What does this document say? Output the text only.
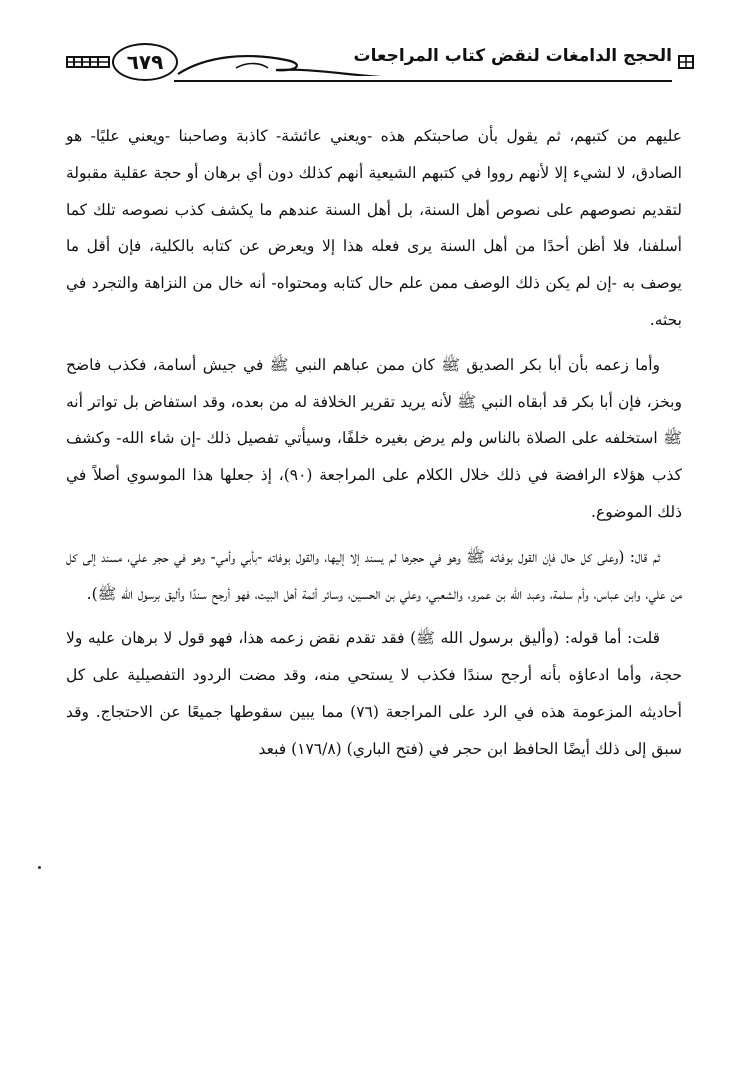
٦٧٩	الحجج الدامغات لنقض كتاب المراجعات

عليهم من كتبهم، ثم يقول بأن صاحبتكم هذه -ويعني عائشة- كاذبة وصاحبنا -ويعني عليًا- هو الصادق، لا لشيء إلا لأنهم رووا في كتبهم الشيعية أنهم كذلك دون أي برهان أو حجة عقلية مقبولة لتقديم نصوصهم على نصوص أهل السنة، بل أهل السنة عندهم ما يكشف كذب نصوصه تلك كما أسلفنا، فلا أظن أحدًا من أهل السنة يرى فعله هذا إلا ويعرض عن كتابه بالكلية، فإن أقل ما يوصف به -إن لم يكن ذلك الوصف ممن علم حال كتابه ومحتواه- أنه خال من النزاهة والتجرد في بحثه.

وأما زعمه بأن أبا بكر الصديق ﷺ كان ممن عباهم النبي ﷺ في جيش أسامة، فكذب فاضح وبخز، فإن أبا بكر قد أبقاه النبي ﷺ لأنه يريد تقرير الخلافة له من بعده، وقد استفاض بل تواتر أنه ﷺ استخلفه على الصلاة بالناس ولم يرض بغيره خلفًا، وسيأتي تفصيل ذلك -إن شاء الله- وكشف كذب هؤلاء الرافضة في ذلك خلال الكلام على المراجعة (٩٠)، إذ جعلها هذا الموسوي أصلاً في ذلك الموضوع.

ثم قال: (وعلى كل حال فإن القول بوفاته ﷺ وهو في حجرها لم يسند إلا إليها، والقول بوفاته -بأبي وأمي- وهو في حجر علي، مسند إلى كل من علي، وابن عباس، وأم سلمة، وعبد الله بن عمرو، والشعبي، وعلي بن الحسين، وسائر أئمة أهل البيت، فهو أرجح سندًا وأليق برسول الله ﷺ).

قلت: أما قوله: (وأليق برسول الله ﷺ) فقد تقدم نقض زعمه هذا، فهو قول لا برهان عليه ولا حجة، وأما ادعاؤه بأنه أرجح سندًا فكذب لا يستحي منه، وقد مضت الردود التفصيلية على كل أحاديثه المزعومة هذه في الرد على المراجعة (٧٦) مما يبين سقوطها جميعًا عن الاحتجاج. وقد سبق إلى ذلك أيضًا الحافظ ابن حجر في (فتح الباري) (١٧٦/٨) فبعد
